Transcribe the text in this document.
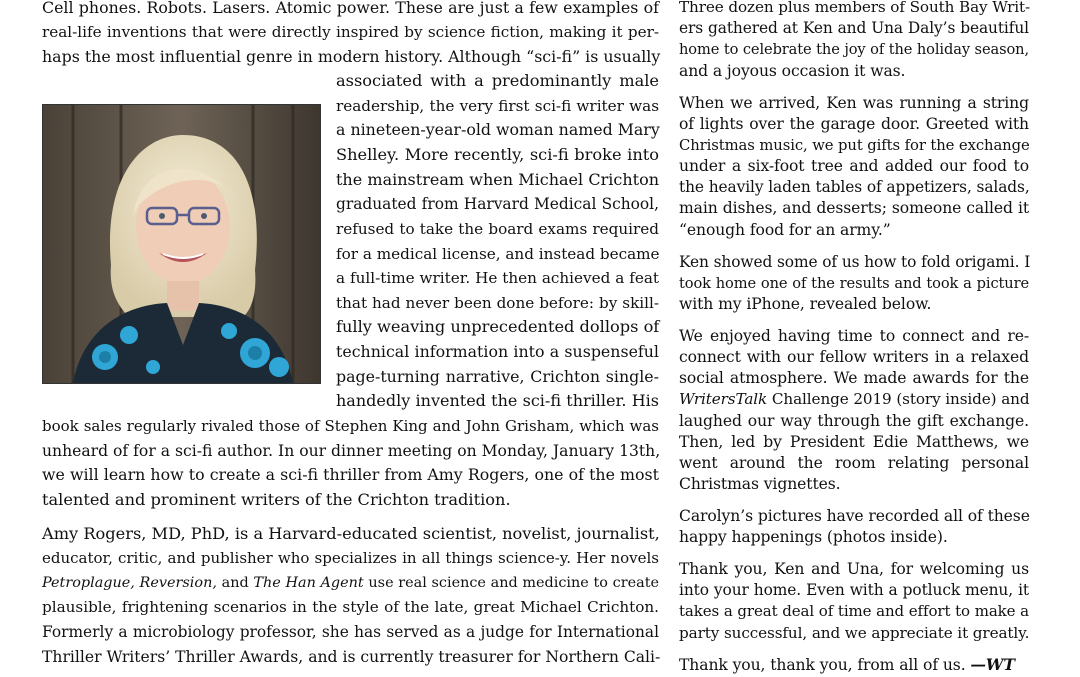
Cell phones. Robots. Lasers. Atomic power. These are just a few examples of
real-life inventions that were directly inspired by science fiction, making it per-
haps the most influential genre in modern history. Although “sci-fi” is usually
associated with a predominantly male
readership, the very first sci-fi writer was
a nineteen-year-old woman named Mary
Shelley. More recently, sci-fi broke into
the mainstream when Michael Crichton
graduated from Harvard Medical School,
refused to take the board exams required
for a medical license, and instead became
a full-time writer. He then achieved a feat
that had never been done before: by skill-
fully weaving unprecedented dollops of
technical information into a suspenseful
page-turning narrative, Crichton single-
handedly invented the sci-fi thriller. His
book sales regularly rivaled those of Stephen King and John Grisham, which was
unheard of for a sci-fi author. In our dinner meeting on Monday, January 13th,
we will learn how to create a sci-fi thriller from Amy Rogers, one of the most
talented and prominent writers of the Crichton tradition.
Amy Rogers, MD, PhD, is a Harvard-educated scientist, novelist, journalist,
educator, critic, and publisher who specializes in all things science-y. Her novels
Petroplague, Reversion, and The Han Agent use real science and medicine to create
plausible, frightening scenarios in the style of the late, great Michael Crichton.
Formerly a microbiology professor, she has served as a judge for International
Thriller Writers’ Thriller Awards, and is currently treasurer for Northern Cali-
Three dozen plus members of South Bay Writ-
ers gathered at Ken and Una Daly’s beautiful
home to celebrate the joy of the holiday season,
and a joyous occasion it was.
When we arrived, Ken was running a string
of lights over the garage door. Greeted with
Christmas music, we put gifts for the exchange
under a six-foot tree and added our food to
the heavily laden tables of appetizers, salads,
main dishes, and desserts; someone called it
“enough food for an army.”
Ken showed some of us how to fold origami. I
took home one of the results and took a picture
with my iPhone, revealed below.
We enjoyed having time to connect and re-
connect with our fellow writers in a relaxed
social atmosphere. We made awards for the
WritersTalk Challenge 2019 (story inside) and
laughed our way through the gift exchange.
Then, led by President Edie Matthews, we
went around the room relating personal
Christmas vignettes.
Carolyn’s pictures have recorded all of these
happy happenings (photos inside).
Thank you, Ken and Una, for welcoming us
into your home. Even with a potluck menu, it
takes a great deal of time and effort to make a
party successful, and we appreciate it greatly.
Thank you, thank you, from all of us. —WT
